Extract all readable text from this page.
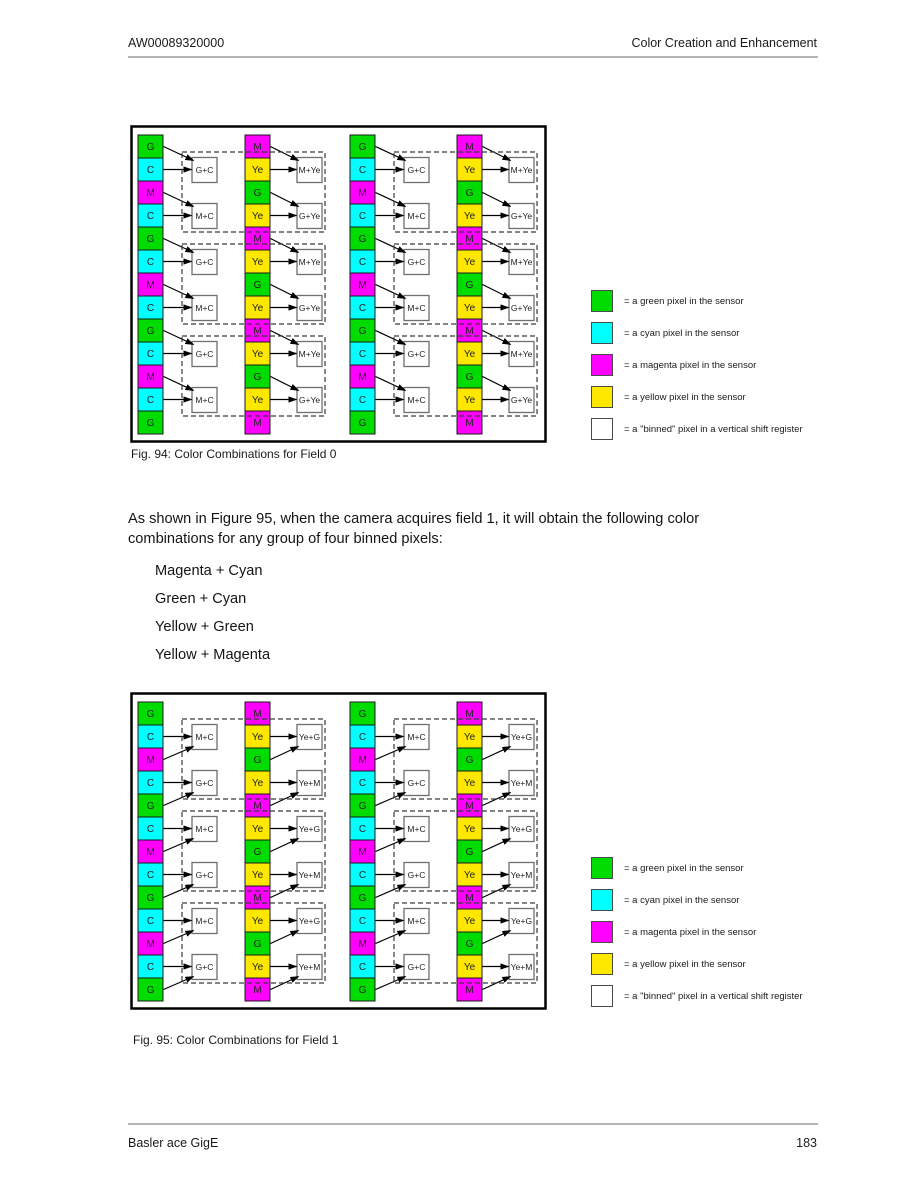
AW00089320000	Color Creation and Enhancement
G
C
M
C
G
C
M
C
G
C
M
C
G
G+C
M+C
G+C
M+C
G+C
M+C
M
Ye
G
Ye
M
Ye
G
Ye
M
Ye
G
Ye
M
M+Ye
G+Ye
M+Ye
G+Ye
M+Ye
G+Ye
G
C
M
C
G
C
M
C
G
C
M
C
G
G+C
M+C
G+C
M+C
G+C
M+C
M
Ye
G
Ye
M
Ye
G
Ye
M
Ye
G
Ye
M
M+Ye
G+Ye
M+Ye
G+Ye
M+Ye
G+Ye
= a green pixel in the sensor
= a cyan pixel in the sensor
= a magenta pixel in the sensor
= a yellow pixel in the sensor
= a "binned" pixel in a vertical shift register
Fig. 94: Color Combinations for Field 0
As shown in Figure 95, when the camera acquires field 1, it will obtain the following color combinations for any group of four binned pixels:
Magenta + Cyan
Green + Cyan
Yellow + Green
Yellow + Magenta
G
C
M
C
G
C
M
C
G
C
M
C
G
M+C
G+C
M+C
G+C
M+C
G+C
M
Ye
G
Ye
M
Ye
G
Ye
M
Ye
G
Ye
M
Ye+G
Ye+M
Ye+G
Ye+M
Ye+G
Ye+M
G
C
M
C
G
C
M
C
G
C
M
C
G
M+C
G+C
M+C
G+C
M+C
G+C
M
Ye
G
Ye
M
Ye
G
Ye
M
Ye
G
Ye
M
Ye+G
Ye+M
Ye+G
Ye+M
Ye+G
Ye+M
= a green pixel in the sensor
= a cyan pixel in the sensor
= a magenta pixel in the sensor
= a yellow pixel in the sensor
= a "binned" pixel in a vertical shift register
Fig. 95: Color Combinations for Field 1
Basler ace GigE	183
